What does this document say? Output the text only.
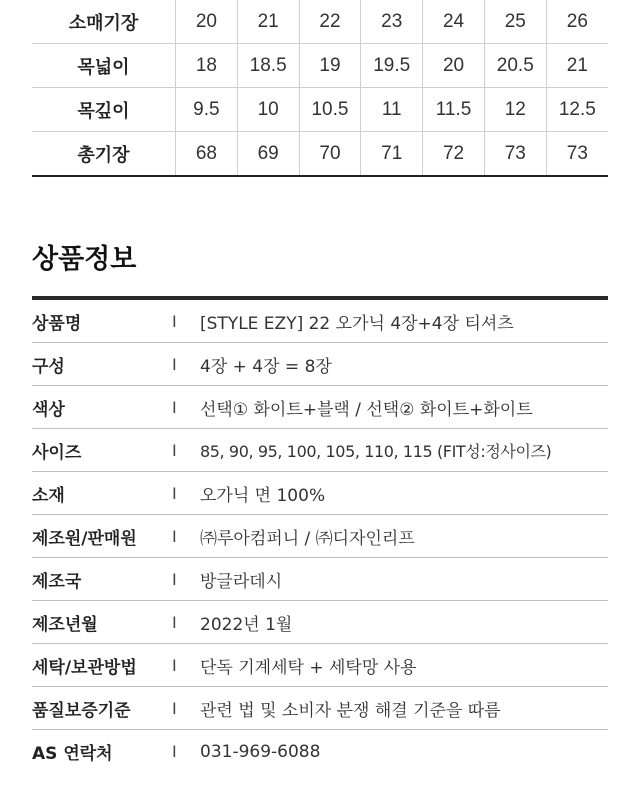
소매기장	20	21	22	23	24	25	26
목넓이	18	18.5	19	19.5	20	20.5	21
목깊이	9.5	10	10.5	11	11.5	12	12.5
총기장	68	69	70	71	72	73	73
상품정보
상품명	I	[STYLE EZY] 22 오가닉 4장+4장 티셔츠
구성	I	4장 + 4장 = 8장
색상	I	선택① 화이트+블랙 / 선택② 화이트+화이트
사이즈	I	85, 90, 95, 100, 105, 110, 115 (FIT성:정사이즈)
소재	I	오가닉 면 100%
제조원/판매원	I	㈜루아컴퍼니 / ㈜디자인리프
제조국	I	방글라데시
제조년월	I	2022년 1월
세탁/보관방법	I	단독 기계세탁 + 세탁망 사용
품질보증기준	I	관련 법 및 소비자 분쟁 해결 기준을 따름
AS 연락처	I	031-969-6088
